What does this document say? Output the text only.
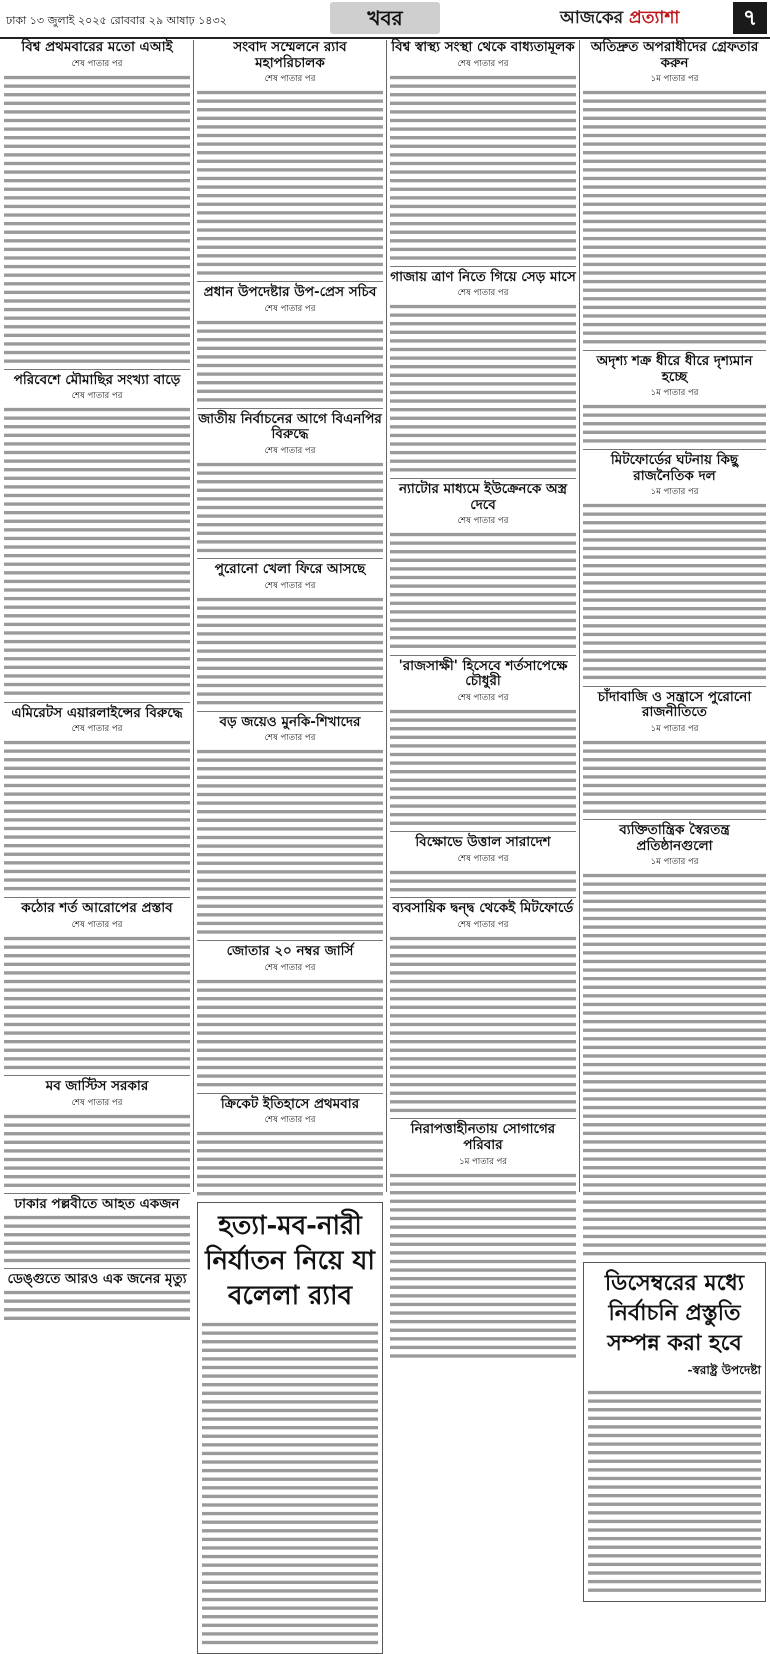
ঢাকা ১৩ জুলাই ২০২৫ রোববার ২৯ আষাঢ় ১৪৩২	খবর	আজকের প্রত্যাশা	৭
বিশ্ব প্রথমবারের মতো এআই
শেষ পাতার পর
পরিবেশে মৌমাছির সংখ্যা বাড়ে
শেষ পাতার পর
এমিরেটস এয়ারলাইন্সের বিরুদ্ধে
শেষ পাতার পর
কঠোর শর্ত আরোপের প্রস্তাব
শেষ পাতার পর
মব জাস্টিস সরকার
শেষ পাতার পর
ঢাকার পল্লবীতে আহত একজন
ডেঙ্গুতে আরও এক জনের মৃত্যু
সংবাদ সম্মেলনে র‌্যাব মহাপরিচালক
শেষ পাতার পর
প্রধান উপদেষ্টার উপ-প্রেস সচিব
শেষ পাতার পর
জাতীয় নির্বাচনের আগে বিএনপির বিরুদ্ধে
শেষ পাতার পর
পুরোনো খেলা ফিরে আসছে
শেষ পাতার পর
বড় জয়েও মুনকি-শিখাদের
শেষ পাতার পর
জোতার ২০ নম্বর জার্সি
শেষ পাতার পর
ক্রিকেট ইতিহাসে প্রথমবার
শেষ পাতার পর
হত্যা-মব-নারী নির্যাতন নিয়ে যা বলেলা র‌্যাব
বিশ্ব স্বাস্থ্য সংস্থা থেকে বাধ্যতামূলক
শেষ পাতার পর
গাজায় ত্রাণ নিতে গিয়ে সেড় মাসে
শেষ পাতার পর
ন্যাটোর মাধ্যমে ইউক্রেনকে অস্ত্র দেবে
শেষ পাতার পর
'রাজসাক্ষী' হিসেবে শর্তসাপেক্ষে চৌধুরী
শেষ পাতার পর
বিক্ষোভে উত্তাল সারাদেশ
শেষ পাতার পর
ব্যবসায়িক দ্বন্দ্ব থেকেই মিটফোর্ডে
শেষ পাতার পর
নিরাপত্তাহীনতায় সোগাগের পরিবার
১ম পাতার পর
অতিদ্রুত অপরাধীদের গ্রেফতার করুন
১ম পাতার পর
অদৃশ্য শক্র ধীরে ধীরে দৃশ্যমান হচ্ছে
১ম পাতার পর
মিটফোর্ডের ঘটনায় কিছু রাজনৈতিক দল
১ম পাতার পর
চাঁদাবাজি ও সন্ত্রাসে পুরোনো রাজনীতিতে
১ম পাতার পর
ব্যক্তিতান্ত্রিক স্বৈরতন্ত্র প্রতিষ্ঠানগুলো
১ম পাতার পর
ডিসেম্বরের মধ্যে নির্বাচনি প্রস্তুতি সম্পন্ন করা হবে
-স্বরাষ্ট্র উপদেষ্টা
